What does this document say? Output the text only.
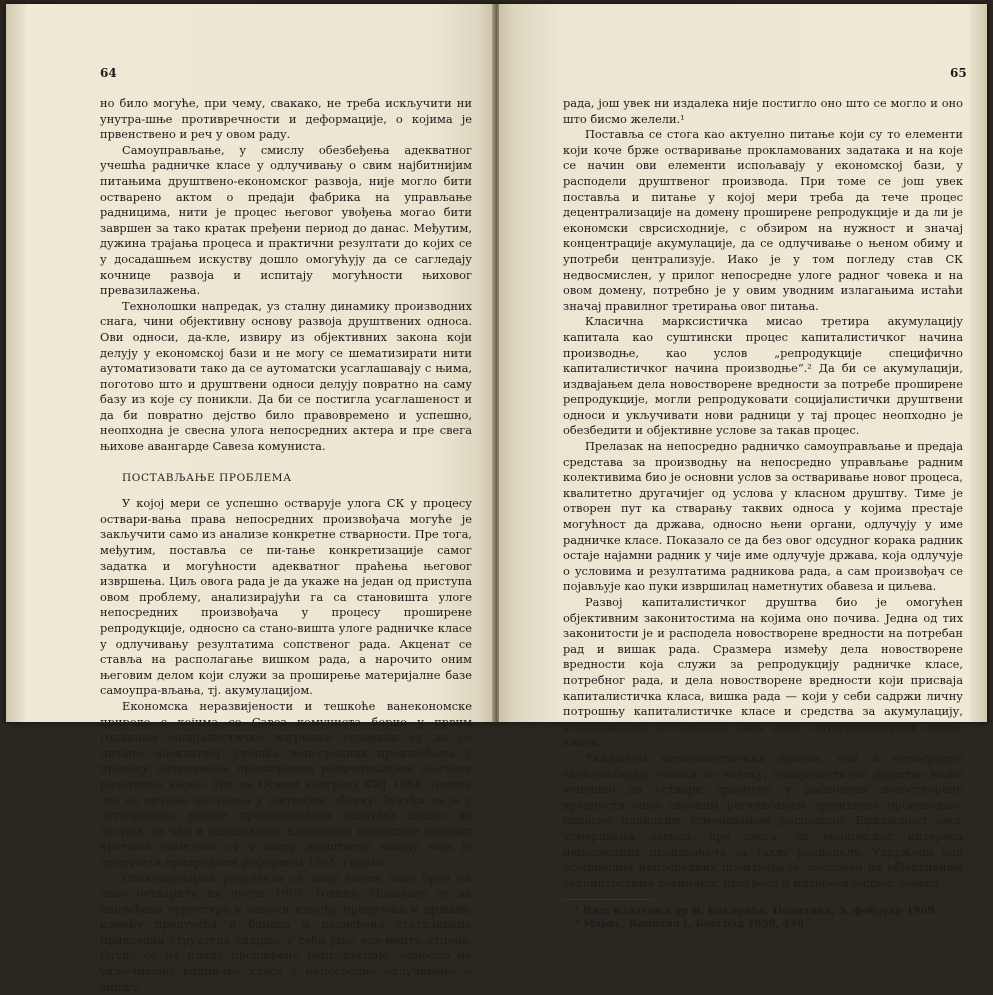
64

но било могуће, при чему, свакако, не треба искључити ни унутра-шње противречности и деформације, о којима је првенствено и реч у овом раду.

Самоуправљање, у смислу обезбеђења адекватног учешћа радничке класе у одлучивању о свим најбитнијим питањима друштвено-економског развоја, није могло бити остварено актом о предаји фабрика на управљање радницима, нити је процес његовог увођења могао бити завршен за тако кратак пређени период до данас. Међутим, дужина трајања процеса и практични резултати до којих се у досадашњем искуству дошло омогућују да се сагледају кочнице развоја и испитају могућности њиховог превазилажења.

Технолошки напредак, уз сталну динамику производних снага, чини објективну основу развоја друштвених односа. Ови односи, да-кле, извиру из објективних закона који делују у економској бази и не могу се шематизирати нити аутоматизовати тако да се аутоматски усаглашавају с њима, поготово што и друштвени односи делују повратно на саму базу из које су поникли. Да би се постигла усаглашеност и да би повратно дејство било правовремено и успешно, неопходна је свесна улога непосредних актера и пре свега њихове авангарде Савеза комуниста.

ПОСТАВЉАЊЕ ПРОБЛЕМА

У којој мери се успешно остварује улога СК у процесу оствари-вања права непосредних произвођача могуће је закључити само из анализе конкретне стварности. Пре тога, међутим, поставља се пи-тање конкретизације самог задатка и могућности адекватног праћења његовог извршења. Циљ овога рада је да укаже на један од приступа овом проблему, анализирајући га са становишта улоге непосредних произвођача у процесу проширене репродукције, односно са стано-вишта улоге радничке класе у одлучивању резултатима сопственог рада. Акценат се ставља на располагање вишком рада, а нарочито оним његовим делом који служи за проширење материјалне базе самоупра-вљања, тј. акумулацијом.

Економска неразвијености и тешкоће ванекономске природе с којима се Савез комуниста борио у првим годинама социјалистичке изградње условили су да се питање адекватног учешћа непосредних произвођача у процесу одлучивања проширеном репродукцијом по-стави релативно касно. Тек на Осмом конгресу СКЈ 1964. године ово се питање поставља у оштријем облику, будући да је у остваривању раније прокламованих задатака дошло до застоја, па чак и назадовања. Економске последице оваквих кретања наметале су у ширу друштвену акцију која је предузета привредном реформом 1965. године.

Спектакуларни резултати се нису могли тако брзо ни лако остварити ни после 1965. године. Показало се да наслеђена структура и односи између предузећа и државе, између предузећа и банака и наслеђена етатизирана привредна структура садрже у себи јаке еле-менте отпора. Отуда се на плану проширене репродукције, односно на укључивању радничке класе у непосредно одлучивање о вишку

65

рада, још увек ни издалека није постигло оно што се могло и оно што бисмо желели.¹

Постављa се стога као актуелно питање који су то елементи који коче брже остваривање прокламованих задатака и на које се начин ови елементи испољавају у економској бази, у расподели друштвеног производа. При томе се још увек поставља и питање у којој мери треба да тече процес децентрализације на домену проширене репродукције и да ли је економски сврсисходније, с обзиром на нужност и значај концентрације акумулације, да се одлучивање о њеном обиму и употреби централизује. Иако је у том погледу став СК недвосмислен, у прилог непосредне улоге радног човека и на овом домену, потребно је у овим уводним излагањима истаћи значај правилног третирања овог питања.

Класична марксистичка мисао третира акумулацију капитала као суштински процес капиталистичког начина производње, као услов „репродукције специфично капиталистичког начина производње“.² Да би се акумулацији, издвајањем дела новостворене вредности за потребе проширене репродукције, могли репродуковати социјалистички друштвени односи и укључивати нови радници у тај процес неопходно је обезбедити и објективне услове за такав процес.

Прелазак на непосредно радничко самоуправљање и предаја средстава за производњу на непосредно управљање радним колективима био је основни услов за остваривање новог процеса, квалитетно другачијег од услова у класном друштву. Тиме је отворен пут ка стварању таквих односа у којима престаје могућност да држава, односно њени органи, одлучују у име радничке класе. Показало се да без овог одсудног корака радник остаје најамни радник у чије име одлучује држава, која одлучује о условима и резултатима радникова рада, а сам произвођач се појављује као пуки извршилац наметнутих обавеза и циљева.

Развој капиталистичког друштва био је омогућен објективним законитостима на којима оно почива. Једна од тих законитости је и расподела новостворене вредности на потребан рад и вишак рада. Сразмера између дела новостворене вредности која служи за репродукцију радничке класе, потребног рада, и дела новостворене вредности који присваја капиталистичка класа, вишка рада — који у себи садржи личну потрошњу капиталистичке класе и средства за акумулацију, успостављена је односом ових двеју антагонистичких снага, класа.

Укидањем антагонистичких односа, али и непосредне експлоатације човека по човеку, социјалистичко друштво може успешно да оствари сразмеру у расподели новостворене вредности само свесним регулисањем друштвене производње, односно планским усмеравањем расподеле. Ефикасност овог усмеравања зависи, пре свега, од економског интереса непосредних произвођача за такву расподелу. Удружени рад асоцијација непосредних произвођача, заснован на објективним законитостима техничког прогреса и интереса радног човека

¹ Вид: излагања др В. Бакарића, Политика, 5. фебруар 1969.
² Маркс, Капитал I, Београд 1958, 450.
